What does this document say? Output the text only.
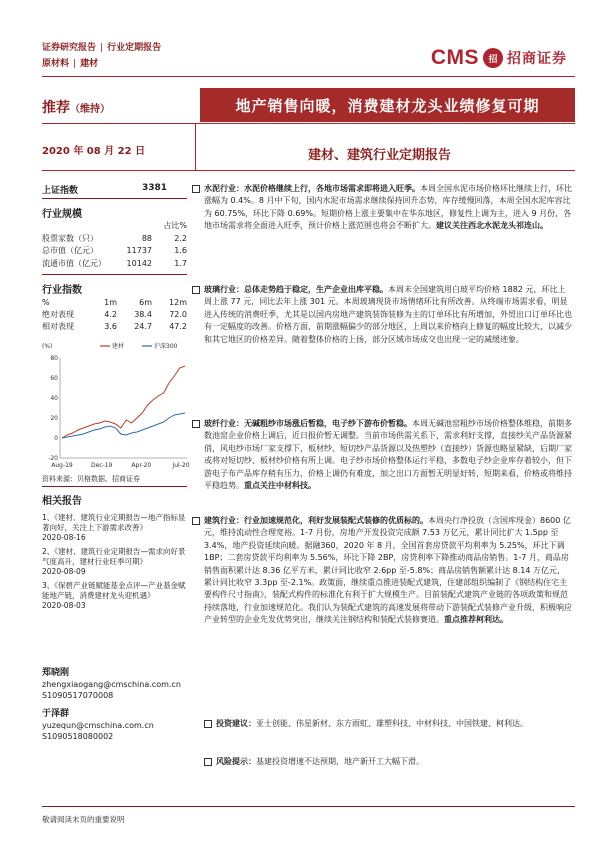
证券研究报告 | 行业定期报告
原材料 | 建材	CMS	招 招商证券
推荐（维持）	地产销售向暖，消费建材龙头业绩修复可期
2020 年 08 月 22 日	建材、建筑行业定期报告
上证指数	3381
行业规模
占比%
股票家数（只）	88	2.2
总市值（亿元）	11737	1.6
流通市值（亿元）	10142	1.7
行业指数
%	1m	6m	12m
绝对表现	4.2	38.4	72.0
相对表现	3.6	24.7	47.2
(%)	建材	沪深300
80
60
40
20
0
-20
Aug-19	Dec-19	Apr-20	Jul-20
资料来源：贝格数据、招商证券
相关报告
1、《建材、建筑行业定期报告—地产指标显著向好，关注上下游需求改善》
2020-08-16
2、《建材、建筑行业定期报告—需求向好景气度高升，建材行业旺季可期》
2020-08-09
3、《保碧产业链赋能基金点评—产业基金赋能地产链，消费建材龙头迎机遇》
2020-08-03
郑晓刚
zhengxiaogang@cmschina.com.cn
S1090517070008
于泽群
yuzequn@cmschina.com.cn
S1090518080002
水泥行业：水泥价格继续上行，各地市场需求即将进入旺季。本周全国水泥市场价格环比继续上行，环比涨幅为 0.4%。8 月中下旬，国内水泥市场需求继续保持回升态势，库存缓慢回落，本周全国水泥库容比为 60.75%，环比下降 0.69%。短期价格上涨主要集中在华东地区，修复性上调为主，进入 9 月份，各地市场需求将全面进入旺季，预计价格上涨范围也将会不断扩大。建议关注西北水泥龙头祁连山。
玻璃行业：总体走势趋于稳定，生产企业出库平稳。本周末全国建筑用白玻平均价格 1882 元，环比上周上涨 77 元，同比去年上涨 301 元。本周玻璃现货市场情绪环比有所改善。从终端市场需求看，明显进入传统的消费旺季，尤其是以国内房地产建筑装饰装修为主的订单环比有所增加，外贸出口订单环比也有一定幅度的改善。价格方面，前期涨幅偏少的部分地区，上周以来价格向上修复的幅度比较大，以减少和其它地区的价格差异。随着整体价格的上扬，部分区域市场成交也出现一定的减缓迹象。
玻纤行业：无碱粗纱市场涨后暂稳，电子纱下游布价暂稳。本周无碱池窑粗纱市场价格整体维稳，前期多数池窑企业价格上调后，近日报价暂无调整。当前市场供需关系下，需求利好支撑，直接纱关产品货源紧俏，风电纱市场厂家支撑下，板材纱、短切纱产品货源以及热塑纱（直接纱）货源也略显紧缺，后期厂家或将对短切纱、板材纱价格有所上调。电子纱市场价格整体运行平稳，多数电子纱企业库存着较小，但下游电子布产品库存稍有压力，价格上调仍有难度，加之出口方面暂无明显好转，短期来看，价格或将维持平稳趋势。重点关注中材科技。
建筑行业：行业加速规范化，利好发展装配式装修的优质标的。本周央行净投放（含国库现金）8600 亿元，维持流动性合理宽裕。1-7 月份，房地产开发投资完成额 7.53 万亿元，累计同比扩大 1.5pp 至 3.4%，地产投资延续向暖。据融360，2020 年 8 月，全国首套房贷款平均利率为 5.25%，环比下调 1BP；二套房贷款平均利率为 5.56%，环比下降 2BP，房贷利率下降推动商品房销售。1-7 月，商品房销售面积累计达 8.36 亿平方米，累计同比收窄 2.6pp 至-5.8%；商品房销售额累计达 8.14 万亿元，累计同比收窄 3.3pp 至-2.1%。政策面，继续重点推进装配式建筑，住建部组织编制了《钢结构住宅主要构件尺寸指南》，装配式构件的标准化有利于扩大规模生产。目前装配式建筑产业链的各项政策和规范持续落地，行业加速规范化。我们认为装配式建筑的高速发展将带动下游装配式装修产业升级，积极响应产业转型的企业先发优势突出，继续关注钢结构和装配式装修赛道。重点推荐柯利达。
投资建议：亚士创能、伟星新材、东方雨虹、雄塑科技、中材科技、中国铁建、柯利达。
风险提示：基建投资增速不达预期，地产新开工大幅下滑。
敬请阅读末页的重要说明
